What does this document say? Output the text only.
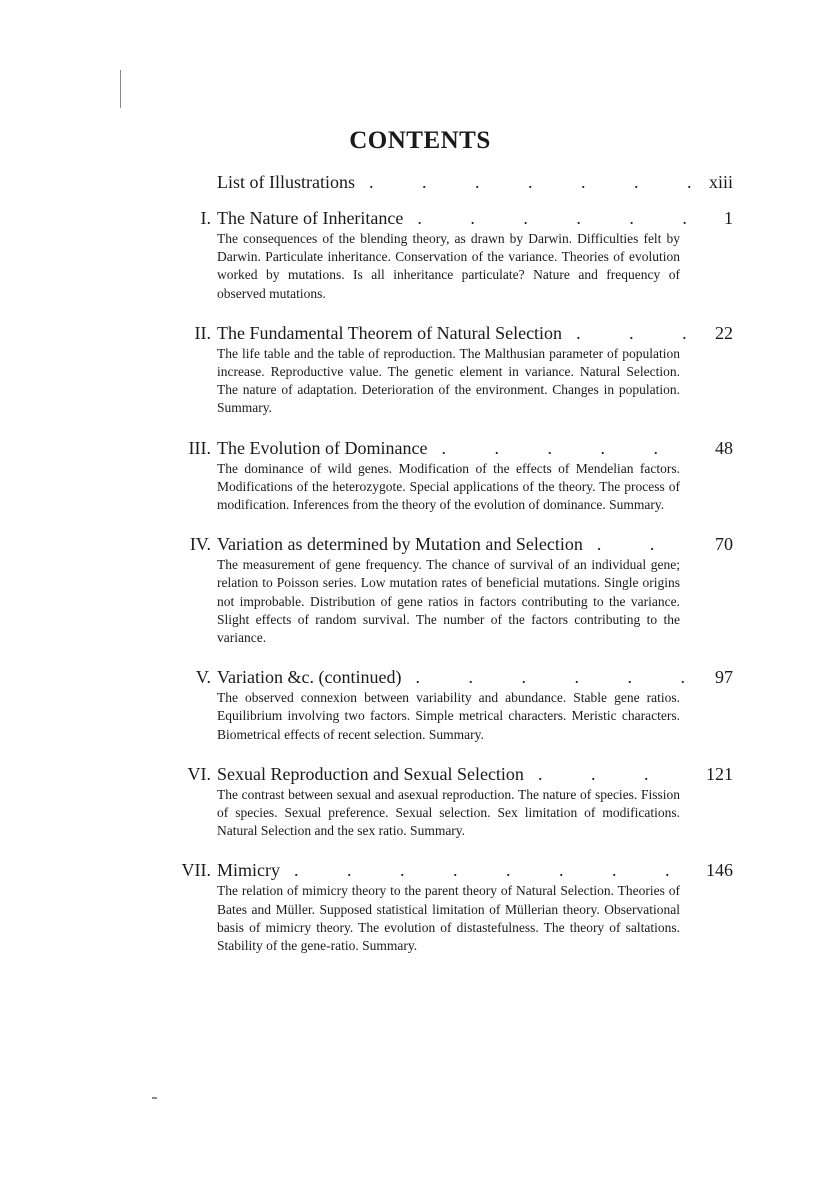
CONTENTS
List of Illustrations . . .	xiii
I. The Nature of Inheritance . . .	1
The consequences of the blending theory, as drawn by Darwin. Difficulties felt by Darwin. Particulate inheritance. Conservation of the variance. Theories of evolution worked by mutations. Is all inheritance particulate? Nature and frequency of observed mutations.
II. The Fundamental Theorem of Natural Selection . . .	22
The life table and the table of reproduction. The Malthusian parameter of population increase. Reproductive value. The genetic element in variance. Natural Selection. The nature of adaptation. Deterioration of the environment. Changes in population. Summary.
III. The Evolution of Dominance . . .	48
The dominance of wild genes. Modification of the effects of Mendelian factors. Modifications of the heterozygote. Special applications of the theory. The process of modification. Inferences from the theory of the evolution of dominance. Summary.
IV. Variation as determined by Mutation and Selection . . .	70
The measurement of gene frequency. The chance of survival of an individual gene; relation to Poisson series. Low mutation rates of beneficial mutations. Single origins not improbable. Distribution of gene ratios in factors contributing to the variance. Slight effects of random survival. The number of the factors contributing to the variance.
V. Variation &c. (continued) . . .	97
The observed connexion between variability and abundance. Stable gene ratios. Equilibrium involving two factors. Simple metrical characters. Meristic characters. Biometrical effects of recent selection. Summary.
VI. Sexual Reproduction and Sexual Selection . . .	121
The contrast between sexual and asexual reproduction. The nature of species. Fission of species. Sexual preference. Sexual selection. Sex limitation of modifications. Natural Selection and the sex ratio. Summary.
VII. Mimicry . . .	146
The relation of mimicry theory to the parent theory of Natural Selection. Theories of Bates and Müller. Supposed statistical limitation of Müllerian theory. Observational basis of mimicry theory. The evolution of distastefulness. The theory of saltations. Stability of the gene-ratio. Summary.
